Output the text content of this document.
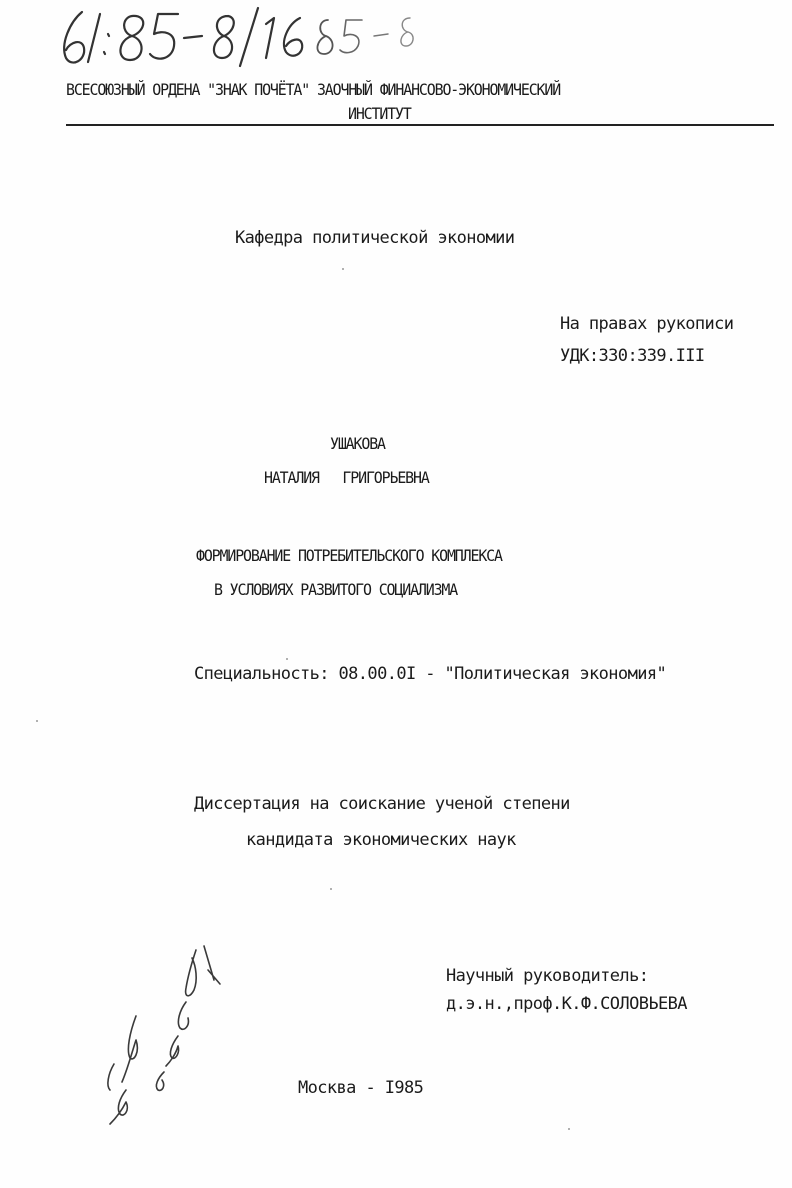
ВСЕСОЮЗНЫЙ ОРДЕНА "ЗНАК ПОЧЁТА" ЗАОЧНЫЙ ФИНАНСОВО-ЭКОНОМИЧЕСКИЙ
ИНСТИТУТ
Кафедра политической экономии
На правах рукописи
УДК:330:339.III
УШАКОВА
НАТАЛИЯ   ГРИГОРЬЕВНА
ФОРМИРОВАНИЕ ПОТРЕБИТЕЛЬСКОГО КОМПЛЕКСА
В УСЛОВИЯХ РАЗВИТОГО СОЦИАЛИЗМА
Специальность: 08.00.0I - "Политическая экономия"
Диссертация на соискание ученой степени
кандидата экономических наук
Научный руководитель:
д.э.н.,проф.К.Ф.СОЛОВЬЕВА
Москва - I985
